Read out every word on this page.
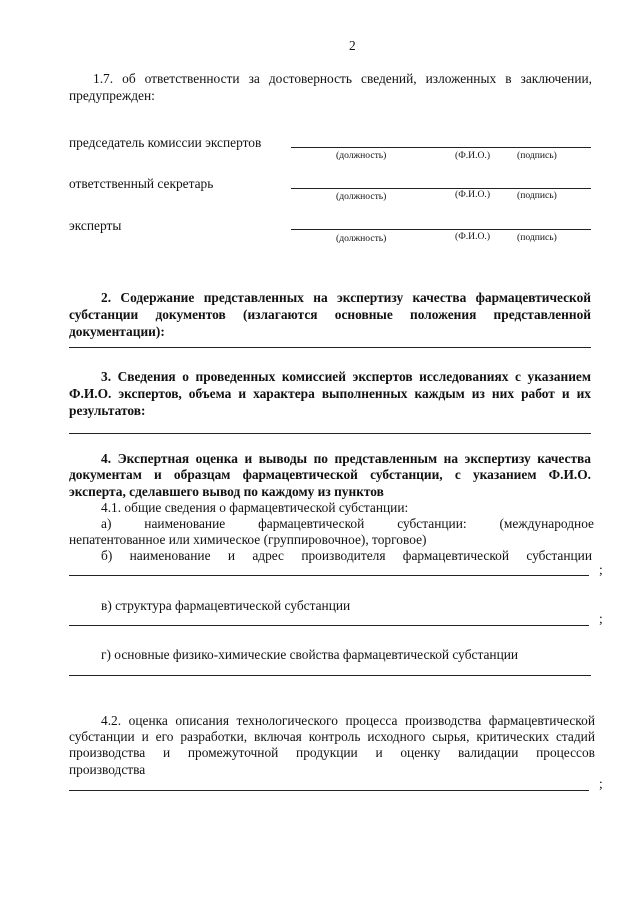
2
1.7. об ответственности за достоверность сведений, изложенных в заключении,
предупрежден:
председатель комиссии экспертов
(должность)	(Ф.И.О.)	(подпись)
ответственный секретарь
(должность)	(Ф.И.О.)	(подпись)
эксперты
(должность)	(Ф.И.О.)	(подпись)
2. Содержание представленных на экспертизу качества фармацевтической
субстанции документов (излагаются основные положения представленной
документации):
3. Сведения о проведенных комиссией экспертов исследованиях с указанием
Ф.И.О. экспертов, объема и характера выполненных каждым из них работ и их
результатов:
4. Экспертная оценка и выводы по представленным на экспертизу качества
документам и образцам фармацевтической субстанции, с указанием Ф.И.О.
эксперта, сделавшего вывод по каждому из пунктов
4.1. общие сведения о фармацевтической субстанции:
а) наименование фармацевтической субстанции: (международное
непатентованное или химическое (группировочное), торговое)
б) наименование и адрес производителя фармацевтической субстанции
;
в) структура фармацевтической субстанции
;
г) основные физико-химические свойства фармацевтической субстанции
4.2. оценка описания технологического процесса производства фармацевтической
субстанции и его разработки, включая контроль исходного сырья, критических стадий
производства и промежуточной продукции и оценку валидации процессов
производства
;
